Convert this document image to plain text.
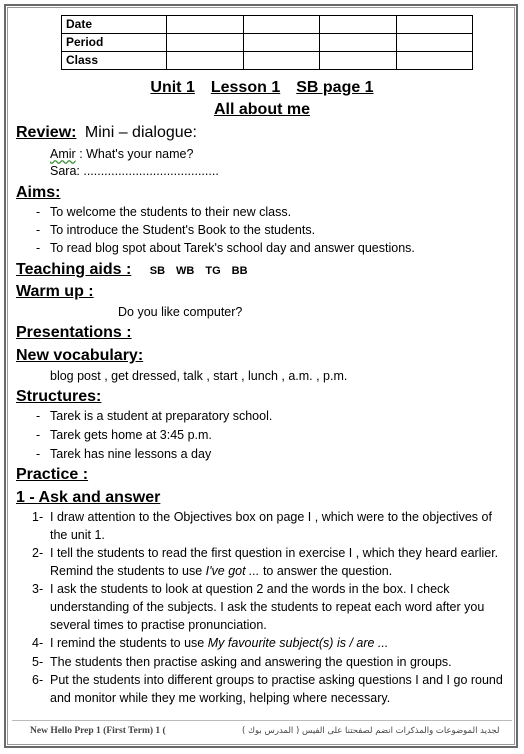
Date				
Period				
Class				
Unit 1 Lesson 1 SB page 1
All about me
Review: Mini – dialogue:
Amir : What's your name?
Sara: .......................................
Aims:
- To welcome the students to their new class.
- To introduce the Student's Book to the students.
- To read blog spot about Tarek's school day and answer questions.
Teaching aids : SB WB TG BB
Warm up :
Do you like computer?
Presentations :
New vocabulary:
blog post , get dressed, talk , start , lunch , a.m. , p.m.
Structures:
- Tarek is a student at preparatory school.
- Tarek gets home at 3:45 p.m.
- Tarek has nine lessons a day
Practice :
1 - Ask and answer
1- I draw attention to the Objectives box on page I , which were to the objectives of the unit 1.
2- I tell the students to read the first question in exercise I , which they heard earlier. Remind the students to use I've got ... to answer the question.
3- I ask the students to look at question 2 and the words in the box. I check understanding of the subjects. I ask the students to repeat each word after you several times to practise pronunciation.
4- I remind the students to use My favourite subject(s) is / are ...
5- The students then practise asking and answering the question in groups.
6- Put the students into different groups to practise asking questions I and I go round and monitor while they me working, helping where necessary.
New Hello Prep 1 (First Term) 1 (	لجديد الموضوعات والمذكرات انضم لصفحتنا على الفيس ( المدرس بوك )
